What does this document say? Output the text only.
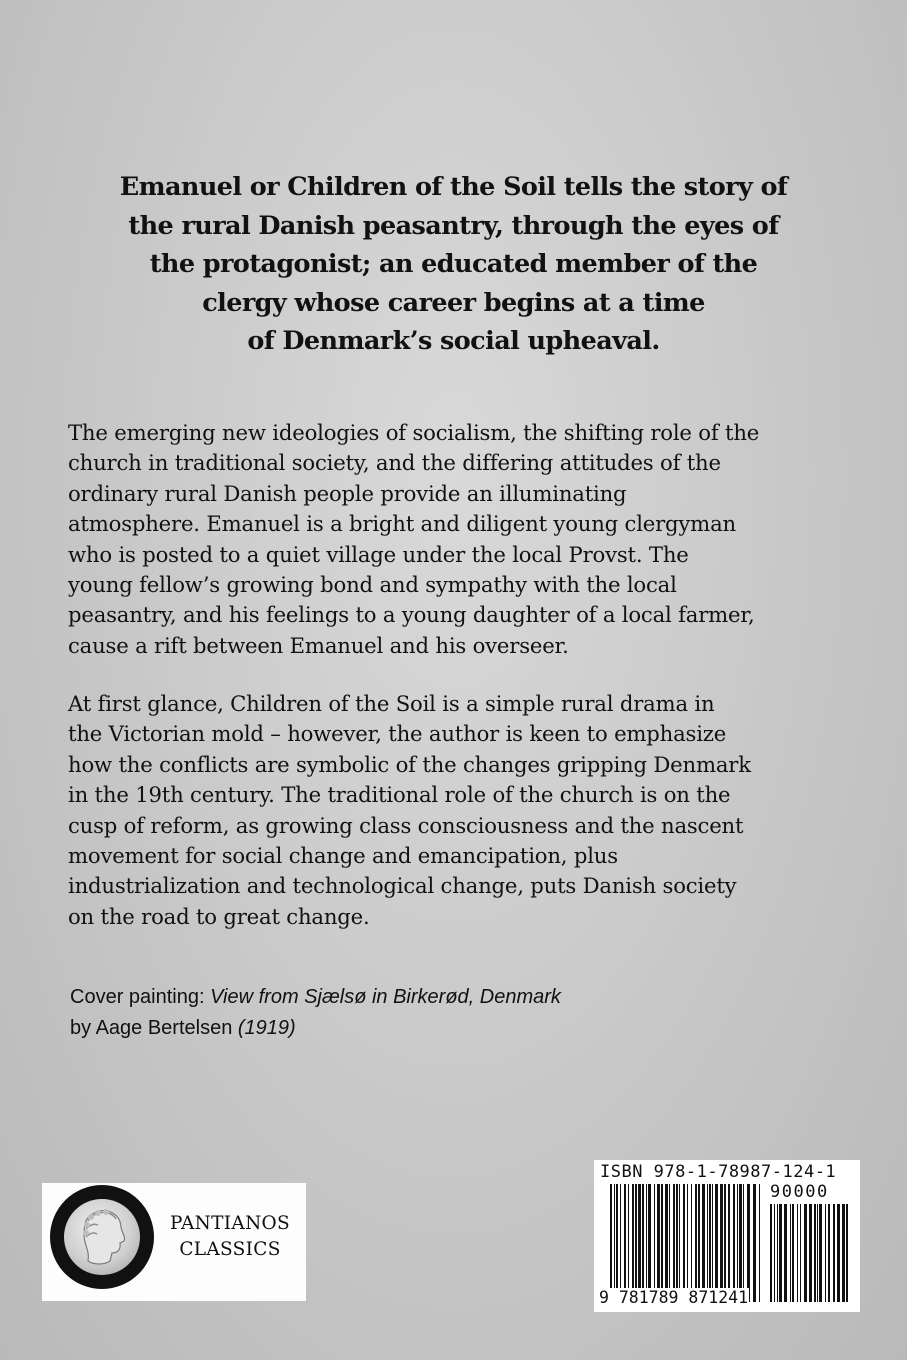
Emanuel or Children of the Soil tells the story of
the rural Danish peasantry, through the eyes of
the protagonist; an educated member of the
clergy whose career begins at a time
of Denmark’s social upheaval.
The emerging new ideologies of socialism, the shifting role of the
church in traditional society, and the differing attitudes of the
ordinary rural Danish people provide an illuminating
atmosphere. Emanuel is a bright and diligent young clergyman
who is posted to a quiet village under the local Provst. The
young fellow’s growing bond and sympathy with the local
peasantry, and his feelings to a young daughter of a local farmer,
cause a rift between Emanuel and his overseer.
At first glance, Children of the Soil is a simple rural drama in
the Victorian mold – however, the author is keen to emphasize
how the conflicts are symbolic of the changes gripping Denmark
in the 19th century. The traditional role of the church is on the
cusp of reform, as growing class consciousness and the nascent
movement for social change and emancipation, plus
industrialization and technological change, puts Danish society
on the road to great change.
Cover painting: View from Sjælsø in Birkerød, Denmark
by Aage Bertelsen (1919)
PANTIANOS
CLASSICS
ISBN 978-1-78987-124-1
90000
9 781789 871241
